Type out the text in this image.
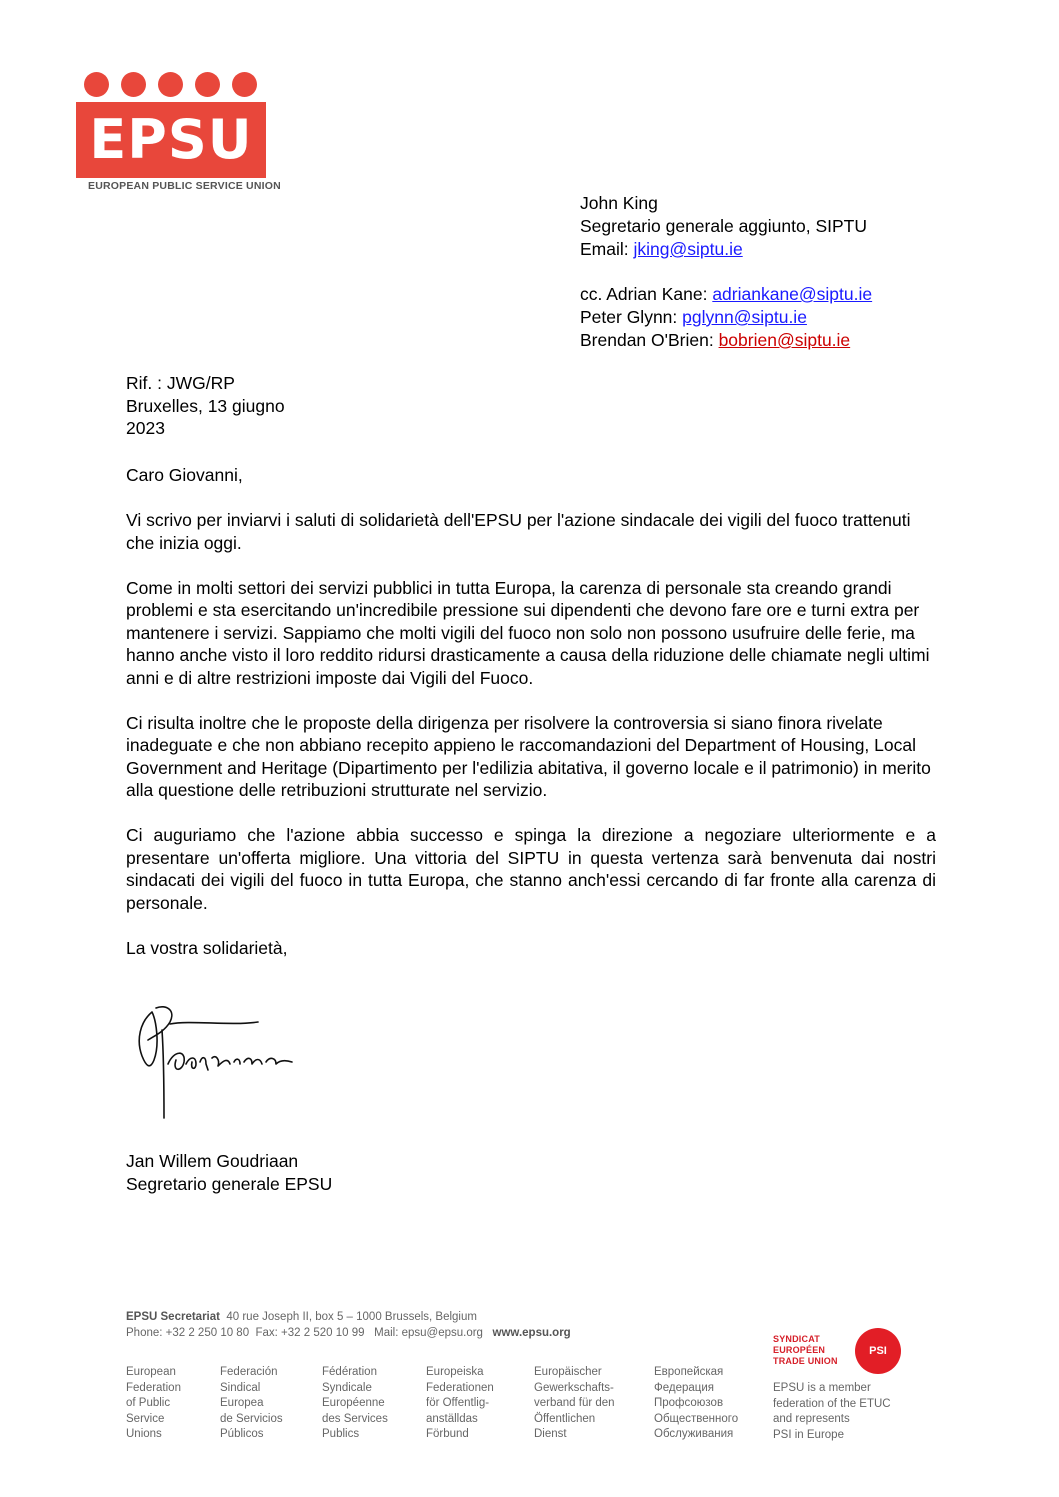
EPSU
EUROPEAN PUBLIC SERVICE UNION
John King
Segretario generale aggiunto, SIPTU
Email: jking@siptu.ie
cc. Adrian Kane: adriankane@siptu.ie
Peter Glynn: pglynn@siptu.ie
Brendan O'Brien: bobrien@siptu.ie
Rif. : JWG/RP
Bruxelles, 13 giugno
2023

Caro Giovanni,

Vi scrivo per inviarvi i saluti di solidarietà dell'EPSU per l'azione sindacale dei vigili del fuoco trattenuti che inizia oggi.

Come in molti settori dei servizi pubblici in tutta Europa, la carenza di personale sta creando grandi problemi e sta esercitando un'incredibile pressione sui dipendenti che devono fare ore e turni extra per mantenere i servizi. Sappiamo che molti vigili del fuoco non solo non possono usufruire delle ferie, ma hanno anche visto il loro reddito ridursi drasticamente a causa della riduzione delle chiamate negli ultimi anni e di altre restrizioni imposte dai Vigili del Fuoco.

Ci risulta inoltre che le proposte della dirigenza per risolvere la controversia si siano finora rivelate inadeguate e che non abbiano recepito appieno le raccomandazioni del Department of Housing, Local Government and Heritage (Dipartimento per l'edilizia abitativa, il governo locale e il patrimonio) in merito alla questione delle retribuzioni strutturate nel servizio.

Ci auguriamo che l'azione abbia successo e spinga la direzione a negoziare ulteriormente e a presentare un'offerta migliore. Una vittoria del SIPTU in questa vertenza sarà benvenuta dai nostri sindacati dei vigili del fuoco in tutta Europa, che stanno anch'essi cercando di far fronte alla carenza di personale.

La vostra solidarietà,

Jan Willem Goudriaan
Segretario generale EPSU
EPSU Secretariat 40 rue Joseph II, box 5 – 1000 Brussels, Belgium
Phone: +32 2 250 10 80 Fax: +32 2 520 10 99 Mail: epsu@epsu.org www.epsu.org
European
Federation
of Public
Service
Unions
Federación
Sindical
Europea
de Servicios
Públicos
Fédération
Syndicale
Européenne
des Services
Publics
Europeiska
Federationen
för Offentlig-
anställdas
Förbund
Europäischer
Gewerkschafts-
verband für den
Öffentlichen
Dienst
Европейская
Федерация
Профсоюзов
Общественного
Обслуживания
SYNDICAT
EUROPÉEN
TRADE UNION
PSI
EPSU is a member
federation of the ETUC
and represents
PSI in Europe
